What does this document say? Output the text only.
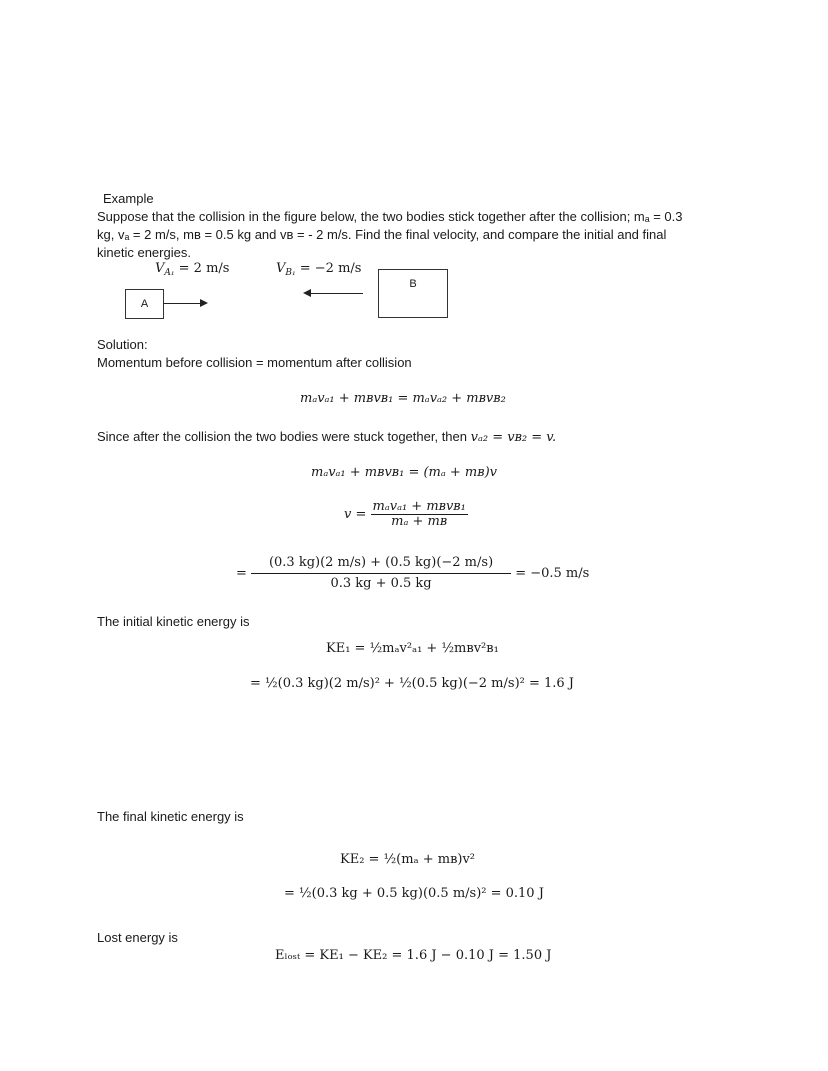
Example
Suppose that the collision in the figure below, the two bodies stick together after the collision; mₐ = 0.3
kg, vₐ = 2 m/s, mʙ = 0.5 kg and vʙ = - 2 m/s. Find the final velocity, and compare the initial and final
kinetic energies.
$V_{A_1} = 2$ m/s	$V_{B_1} = -2$ m/s
A
B
Solution:
Momentum before collision = momentum after collision
mₐvₐ₁ + mʙvʙ₁ = mₐvₐ₂ + mʙvʙ₂
Since after the collision the two bodies were stuck together, then vₐ₂ = vʙ₂ = v.
mₐvₐ₁ + mʙvʙ₁ = (mₐ + mʙ)v
$v = \frac{\text{mₐvₐ₁ + mʙvʙ₁}}{\text{mₐ + mʙ}}$
= $\frac{(0.3 kg)(2 m/s) + (0.5 kg)(-2 m/s)}{0.3 kg + 0.5 kg} = -0.5$ m/s
The initial kinetic energy is
KE₁ = ½mₐv²ₐ₁ + ½mʙv²ʙ₁
= ½(0.3 kg)(2 m/s)² + ½(0.5 kg)(−2 m/s)² = 1.6 J
The final kinetic energy is
KE₂ = ½(mₐ + mʙ)v²
= ½(0.3 kg + 0.5 kg)(0.5 m/s)² = 0.10 J
Lost energy is
Eₗₒₛₜ = KE₁ − KE₂ = 1.6 J − 0.10 J = 1.50 J
